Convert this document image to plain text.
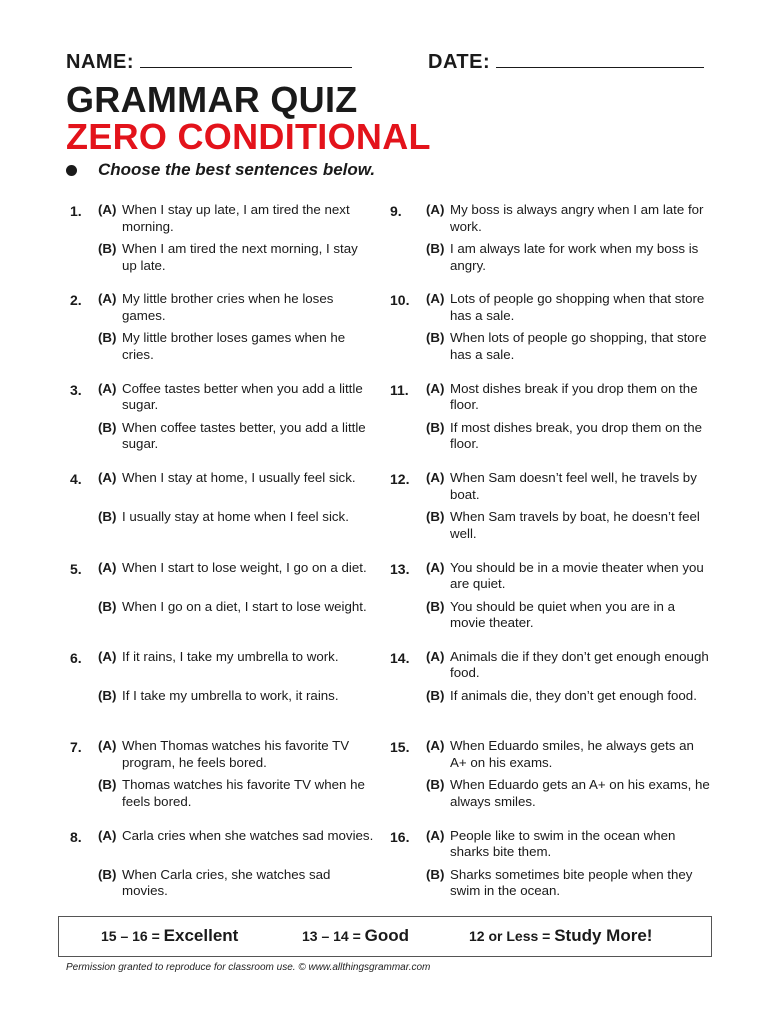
NAME:	DATE:
GRAMMAR QUIZ
ZERO CONDITIONAL
Choose the best sentences below.
1. (A) When I stay up late, I am tired the next morning.
(B) When I am tired the next morning, I stay up late.
2. (A) My little brother cries when he loses games.
(B) My little brother loses games when he cries.
3. (A) Coffee tastes better when you add a little sugar.
(B) When coffee tastes better, you add a little sugar.
4. (A) When I stay at home, I usually feel sick.
(B) I usually stay at home when I feel sick.
5. (A) When I start to lose weight, I go on a diet.
(B) When I go on a diet, I start to lose weight.
6. (A) If it rains, I take my umbrella to work.
(B) If I take my umbrella to work, it rains.
7. (A) When Thomas watches his favorite TV program, he feels bored.
(B) Thomas watches his favorite TV when he feels bored.
8. (A) Carla cries when she watches sad movies.
(B) When Carla cries, she watches sad movies.
9. (A) My boss is always angry when I am late for work.
(B) I am always late for work when my boss is angry.
10. (A) Lots of people go shopping when that store has a sale.
(B) When lots of people go shopping, that store has a sale.
11. (A) Most dishes break if you drop them on the floor.
(B) If most dishes break, you drop them on the floor.
12. (A) When Sam doesn’t feel well, he travels by boat.
(B) When Sam travels by boat, he doesn’t feel well.
13. (A) You should be in a movie theater when you are quiet.
(B) You should be quiet when you are in a movie theater.
14. (A) Animals die if they don’t get enough enough food.
(B) If animals die, they don’t get enough food.
15. (A) When Eduardo smiles, he always gets an A+ on his exams.
(B) When Eduardo gets an A+ on his exams, he always smiles.
16. (A) People like to swim in the ocean when sharks bite them.
(B) Sharks sometimes bite people when they swim in the ocean.
15 – 16 = Excellent	13 – 14 = Good	12 or Less = Study More!
Permission granted to reproduce for classroom use. © www.allthingsgrammar.com
